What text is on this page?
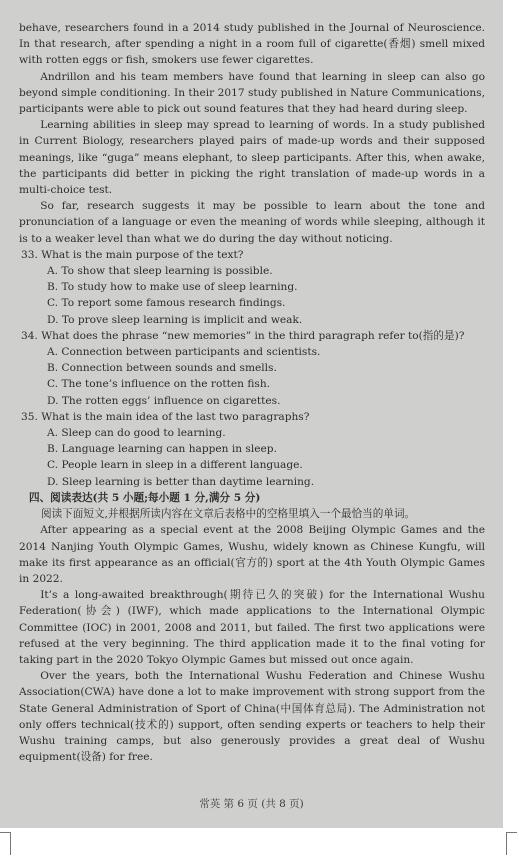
behave, researchers found in a 2014 study published in the Journal of Neuroscience. In that research, after spending a night in a room full of cigarette(香烟) smell mixed with rotten eggs or fish, smokers use fewer cigarettes.

Andrillon and his team members have found that learning in sleep can also go beyond simple conditioning. In their 2017 study published in Nature Communications, participants were able to pick out sound features that they had heard during sleep.

Learning abilities in sleep may spread to learning of words. In a study published in Current Biology, researchers played pairs of made-up words and their supposed meanings, like “guga” means elephant, to sleep participants. After this, when awake, the participants did better in picking the right translation of made-up words in a multi-choice test.

So far, research suggests it may be possible to learn about the tone and pronunciation of a language or even the meaning of words while sleeping, although it is to a weaker level than what we do during the day without noticing.

33. What is the main purpose of the text?

A. To show that sleep learning is possible.

B. To study how to make use of sleep learning.

C. To report some famous research findings.

D. To prove sleep learning is implicit and weak.

34. What does the phrase “new memories” in the third paragraph refer to(指的是)?

A. Connection between participants and scientists.

B. Connection between sounds and smells.

C. The tone’s influence on the rotten fish.

D. The rotten eggs’ influence on cigarettes.

35. What is the main idea of the last two paragraphs?

A. Sleep can do good to learning.

B. Language learning can happen in sleep.

C. People learn in sleep in a different language.

D. Sleep learning is better than daytime learning.

四、阅读表达(共 5 小题;每小题 1 分,满分 5 分)

阅读下面短文,并根据所读内容在文章后表格中的空格里填入一个最恰当的单词。

After appearing as a special event at the 2008 Beijing Olympic Games and the 2014 Nanjing Youth Olympic Games, Wushu, widely known as Chinese Kungfu, will make its first appearance as an official(官方的) sport at the 4th Youth Olympic Games in 2022.

It’s a long-awaited breakthrough(期待已久的突破) for the International Wushu Federation(协会) (IWF), which made applications to the International Olympic Committee (IOC) in 2001, 2008 and 2011, but failed. The first two applications were refused at the very beginning. The third application made it to the final voting for taking part in the 2020 Tokyo Olympic Games but missed out once again.

Over the years, both the International Wushu Federation and Chinese Wushu Association(CWA) have done a lot to make improvement with strong support from the State General Administration of Sport of China(中国体育总局). The Administration not only offers technical(技术的) support, often sending experts or teachers to help their Wushu training camps, but also generously provides a great deal of Wushu equipment(设备) for free.

常英 第 6 页 (共 8 页)
